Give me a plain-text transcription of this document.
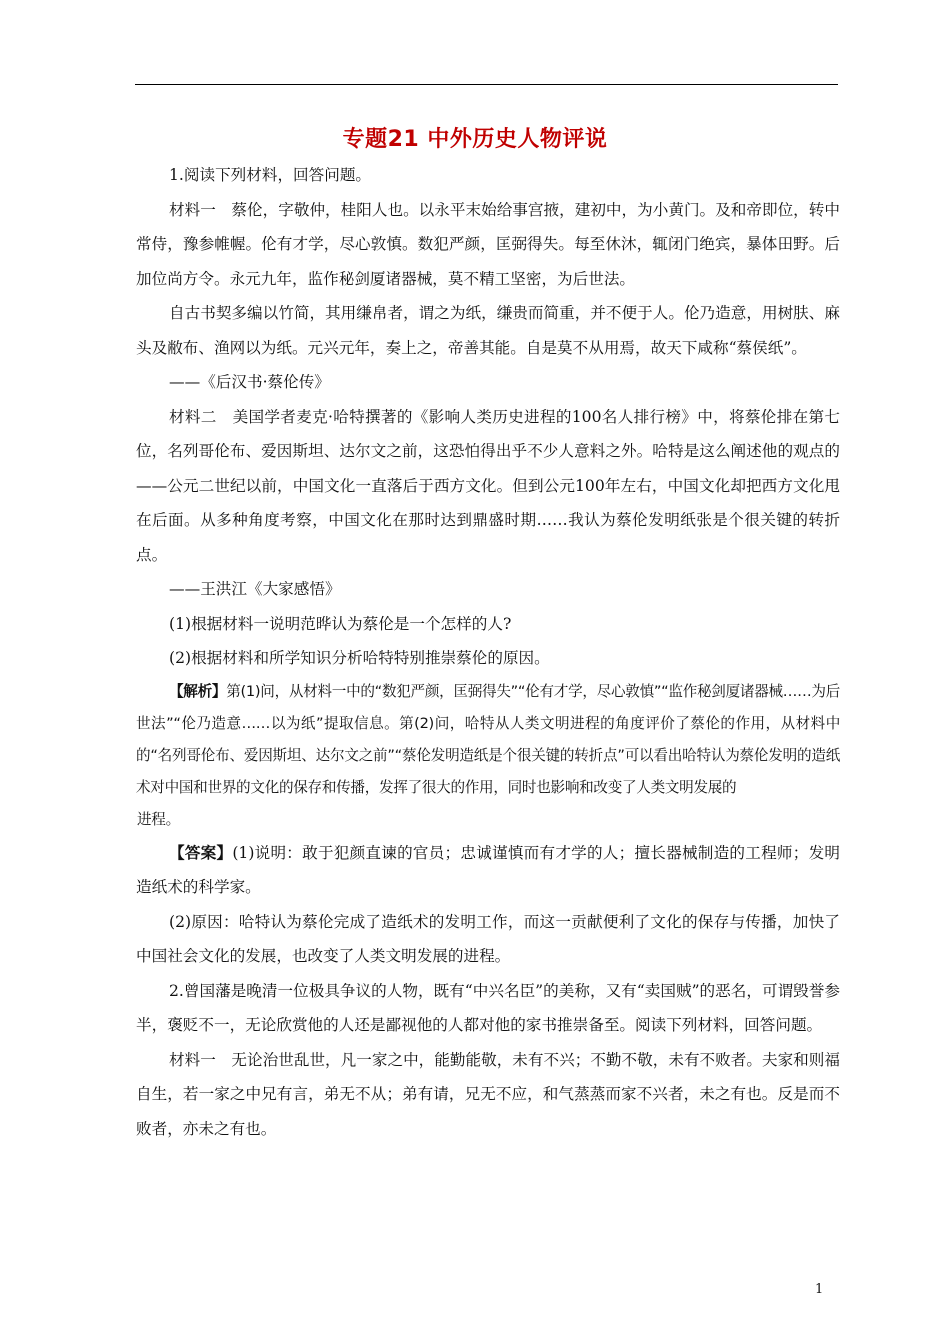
专题21 中外历史人物评说

1.阅读下列材料，回答问题。

材料一　蔡伦，字敬仲，桂阳人也。以永平末始给事宫掖，建初中，为小黄门。及和帝即位，转中常侍，豫参帷幄。伦有才学，尽心敦慎。数犯严颜，匡弼得失。每至休沐，辄闭门绝宾，暴体田野。后加位尚方令。永元九年，监作秘剑厦诸器械，莫不精工坚密，为后世法。

自古书契多编以竹简，其用缣帛者，谓之为纸，缣贵而简重，并不便于人。伦乃造意，用树肤、麻头及敝布、渔网以为纸。元兴元年，奏上之，帝善其能。自是莫不从用焉，故天下咸称“蔡侯纸”。

——《后汉书·蔡伦传》

材料二　美国学者麦克·哈特撰著的《影响人类历史进程的100名人排行榜》中，将蔡伦排在第七位，名列哥伦布、爱因斯坦、达尔文之前，这恐怕得出乎不少人意料之外。哈特是这么阐述他的观点的——公元二世纪以前，中国文化一直落后于西方文化。但到公元100年左右，中国文化却把西方文化甩在后面。从多种角度考察，中国文化在那时达到鼎盛时期……我认为蔡伦发明纸张是个很关键的转折点。

——王洪江《大家感悟》

(1)根据材料一说明范晔认为蔡伦是一个怎样的人?

(2)根据材料和所学知识分析哈特特别推崇蔡伦的原因。

【解析】第(1)问，从材料一中的“数犯严颜，匡弼得失”“伦有才学，尽心敦慎”“监作秘剑厦诸器械……为后世法”“伦乃造意……以为纸”提取信息。第(2)问，哈特从人类文明进程的角度评价了蔡伦的作用，从材料中的“名列哥伦布、爱因斯坦、达尔文之前”“蔡伦发明造纸是个很关键的转折点”可以看出哈特认为蔡伦发明的造纸术对中国和世界的文化的保存和传播，发挥了很大的作用，同时也影响和改变了人类文明发展的

进程。

【答案】(1)说明：敢于犯颜直谏的官员；忠诚谨慎而有才学的人；擅长器械制造的工程师；发明造纸术的科学家。

(2)原因：哈特认为蔡伦完成了造纸术的发明工作，而这一贡献便利了文化的保存与传播，加快了中国社会文化的发展，也改变了人类文明发展的进程。

2.曾国藩是晚清一位极具争议的人物，既有“中兴名臣”的美称，又有“卖国贼”的恶名，可谓毁誉参半，褒贬不一，无论欣赏他的人还是鄙视他的人都对他的家书推崇备至。阅读下列材料，回答问题。

材料一　无论治世乱世，凡一家之中，能勤能敬，未有不兴；不勤不敬，未有不败者。夫家和则福自生，若一家之中兄有言，弟无不从；弟有请，兄无不应，和气蒸蒸而家不兴者，未之有也。反是而不败者，亦未之有也。

1
